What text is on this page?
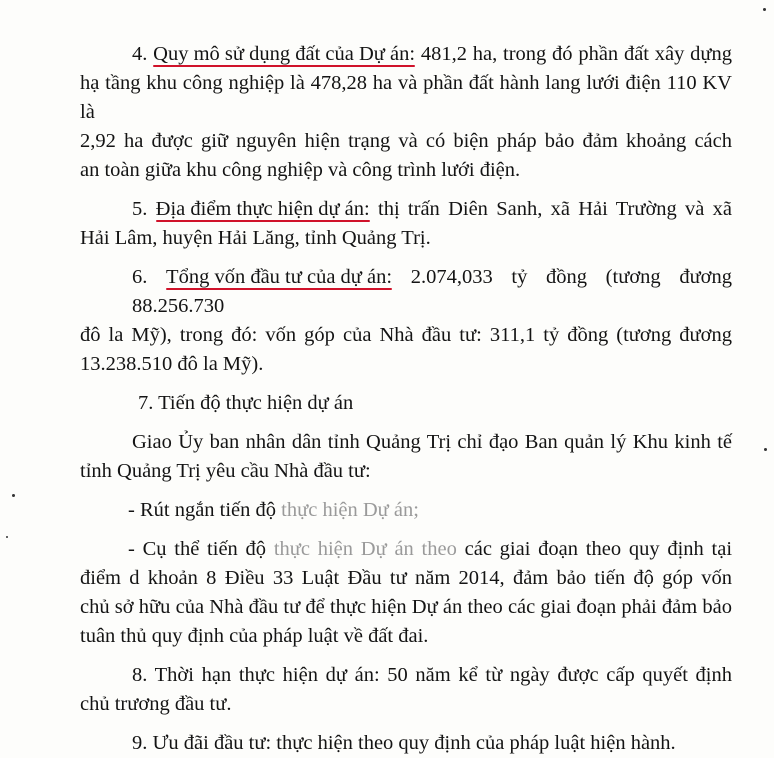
4. Quy mô sử dụng đất của Dự án: 481,2 ha, trong đó phần đất xây dựng
hạ tầng khu công nghiệp là 478,28 ha và phần đất hành lang lưới điện 110 KV là
2,92 ha được giữ nguyên hiện trạng và có biện pháp bảo đảm khoảng cách
an toàn giữa khu công nghiệp và công trình lưới điện.
5. Địa điểm thực hiện dự án: thị trấn Diên Sanh, xã Hải Trường và xã
Hải Lâm, huyện Hải Lăng, tỉnh Quảng Trị.
6. Tổng vốn đầu tư của dự án: 2.074,033 tỷ đồng (tương đương 88.256.730
đô la Mỹ), trong đó: vốn góp của Nhà đầu tư: 311,1 tỷ đồng (tương đương
13.238.510 đô la Mỹ).
7. Tiến độ thực hiện dự án
Giao Ủy ban nhân dân tỉnh Quảng Trị chỉ đạo Ban quản lý Khu kinh tế
tỉnh Quảng Trị yêu cầu Nhà đầu tư:
- Rút ngắn tiến độ thực hiện Dự án;
- Cụ thể tiến độ thực hiện Dự án theo các giai đoạn theo quy định tại
điểm d khoản 8 Điều 33 Luật Đầu tư năm 2014, đảm bảo tiến độ góp vốn
chủ sở hữu của Nhà đầu tư để thực hiện Dự án theo các giai đoạn phải đảm bảo
tuân thủ quy định của pháp luật về đất đai.
8. Thời hạn thực hiện dự án: 50 năm kể từ ngày được cấp quyết định
chủ trương đầu tư.
9. Ưu đãi đầu tư: thực hiện theo quy định của pháp luật hiện hành.
